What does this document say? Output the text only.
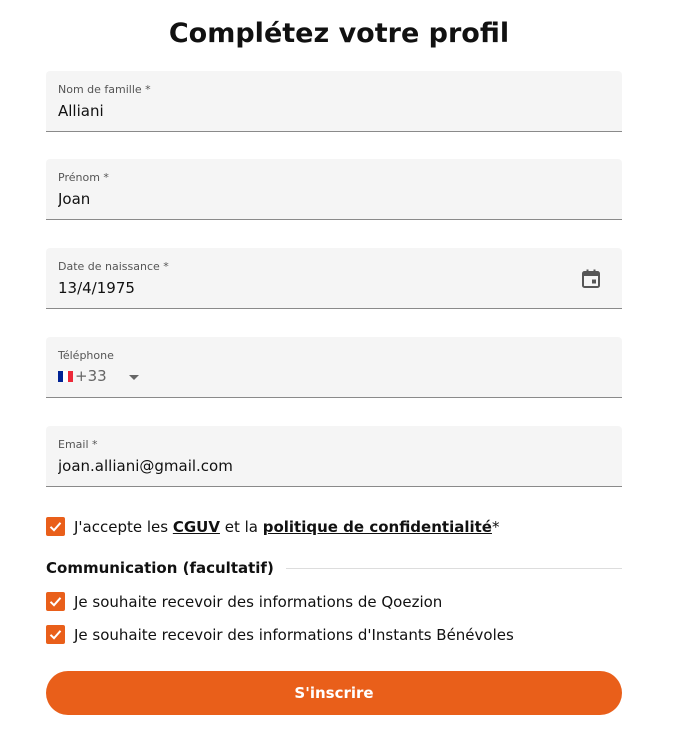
Complétez votre profil
Nom de famille *
Alliani
Prénom *
Joan
Date de naissance *
13/4/1975
Téléphone
+33
Email *
joan.alliani@gmail.com
J'accepte les CGUV et la politique de confidentialité*
Communication (facultatif)
Je souhaite recevoir des informations de Qoezion
Je souhaite recevoir des informations d'Instants Bénévoles
S'inscrire
